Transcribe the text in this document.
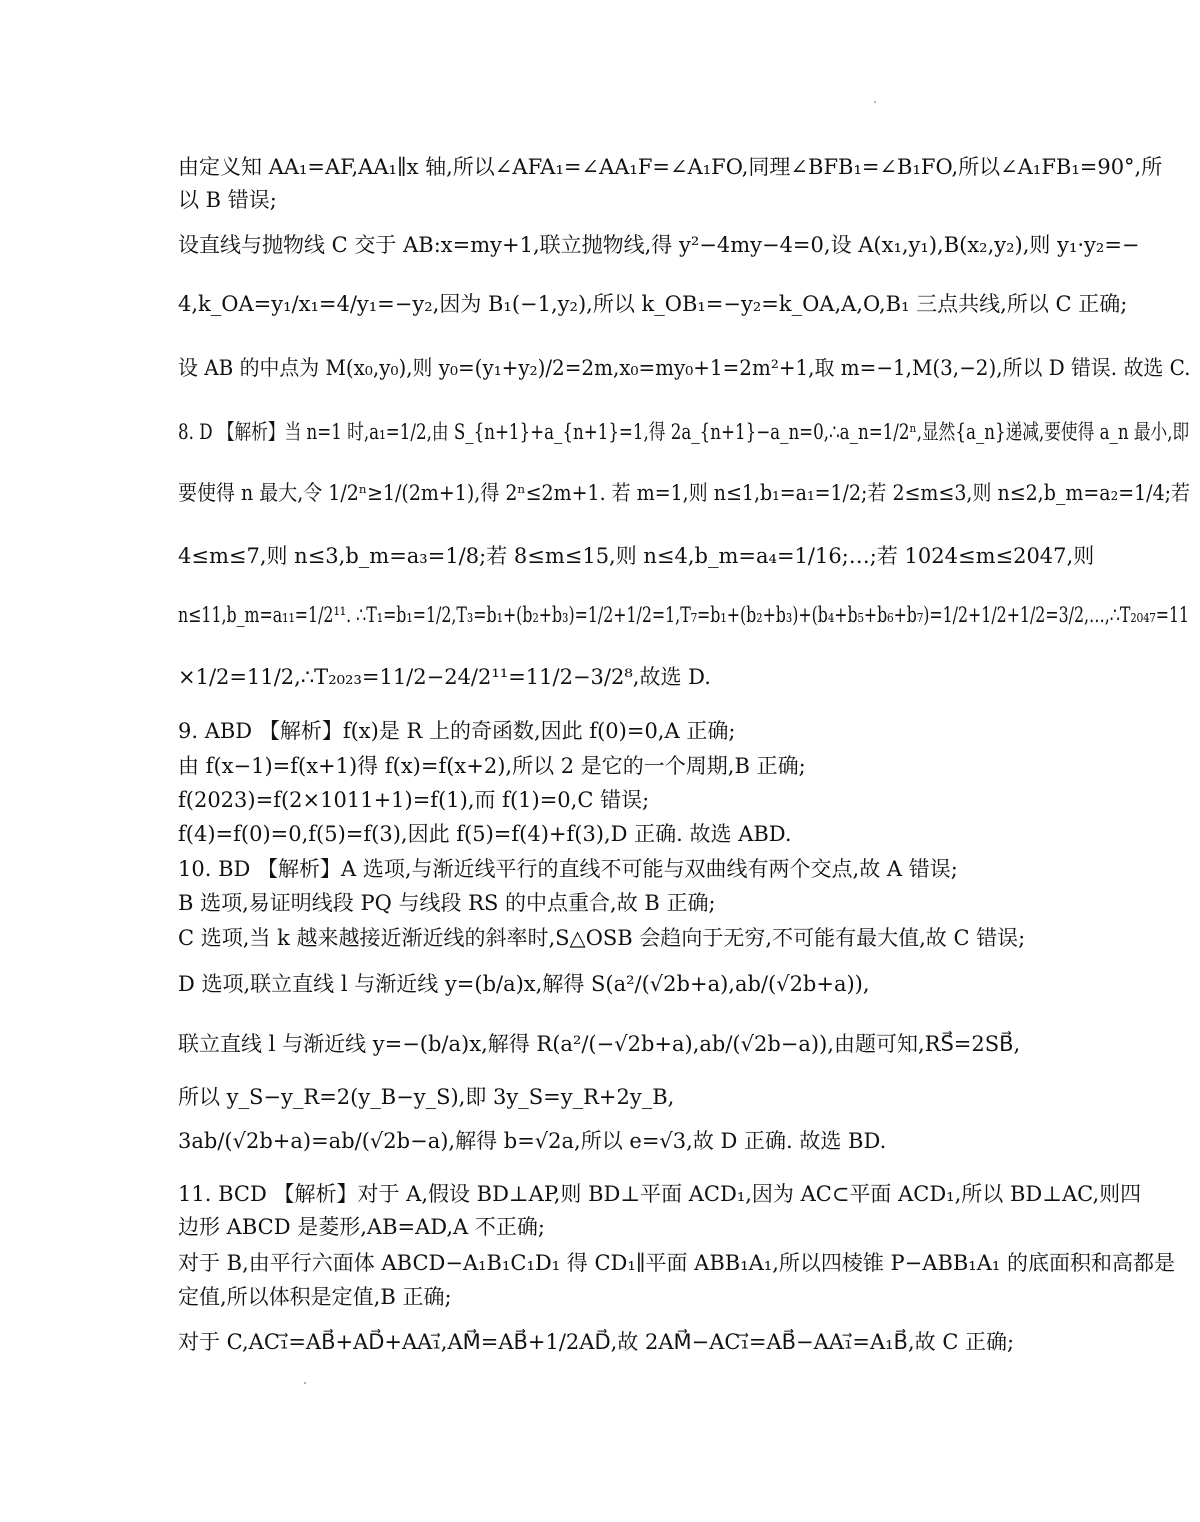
由定义知 AA₁=AF,AA₁∥x 轴,所以∠AFA₁=∠AA₁F=∠A₁FO,同理∠BFB₁=∠B₁FO,所以∠A₁FB₁=90°,所
以 B 错误;
设直线与抛物线 C 交于 AB:x=my+1,联立抛物线,得 y²−4my−4=0,设 A(x₁,y₁),B(x₂,y₂),则 y₁·y₂=−
4,k_OA=y₁/x₁=4/y₁=−y₂,因为 B₁(−1,y₂),所以 k_OB₁=−y₂=k_OA,A,O,B₁ 三点共线,所以 C 正确;
设 AB 的中点为 M(x₀,y₀),则 y₀=(y₁+y₂)/2=2m,x₀=my₀+1=2m²+1,取 m=−1,M(3,−2),所以 D 错误. 故选 C.
8. D 【解析】当 n=1 时,a₁=1/2,由 S_{n+1}+a_{n+1}=1,得 2a_{n+1}−a_n=0,∴a_n=1/2ⁿ,显然{a_n}递减,要使得 a_n 最小,即
要使得 n 最大,令 1/2ⁿ≥1/(2m+1),得 2ⁿ≤2m+1. 若 m=1,则 n≤1,b₁=a₁=1/2;若 2≤m≤3,则 n≤2,b_m=a₂=1/4;若
4≤m≤7,则 n≤3,b_m=a₃=1/8;若 8≤m≤15,则 n≤4,b_m=a₄=1/16;…;若 1024≤m≤2047,则
n≤11,b_m=a₁₁=1/2¹¹. ∴T₁=b₁=1/2,T₃=b₁+(b₂+b₃)=1/2+1/2=1,T₇=b₁+(b₂+b₃)+(b₄+b₅+b₆+b₇)=1/2+1/2+1/2=3/2,…,∴T₂₀₄₇=11
×1/2=11/2,∴T₂₀₂₃=11/2−24/2¹¹=11/2−3/2⁸,故选 D.
9. ABD 【解析】f(x)是 R 上的奇函数,因此 f(0)=0,A 正确;
由 f(x−1)=f(x+1)得 f(x)=f(x+2),所以 2 是它的一个周期,B 正确;
f(2023)=f(2×1011+1)=f(1),而 f(1)=0,C 错误;
f(4)=f(0)=0,f(5)=f(3),因此 f(5)=f(4)+f(3),D 正确. 故选 ABD.
10. BD 【解析】A 选项,与渐近线平行的直线不可能与双曲线有两个交点,故 A 错误;
B 选项,易证明线段 PQ 与线段 RS 的中点重合,故 B 正确;
C 选项,当 k 越来越接近渐近线的斜率时,S△OSB 会趋向于无穷,不可能有最大值,故 C 错误;
D 选项,联立直线 l 与渐近线 y=(b/a)x,解得 S(a²/(√2b+a),ab/(√2b+a)),
联立直线 l 与渐近线 y=−(b/a)x,解得 R(a²/(−√2b+a),ab/(√2b−a)),由题可知,RS⃗=2SB⃗,
所以 y_S−y_R=2(y_B−y_S),即 3y_S=y_R+2y_B,
3ab/(√2b+a)=ab/(√2b−a),解得 b=√2a,所以 e=√3,故 D 正确. 故选 BD.
11. BCD 【解析】对于 A,假设 BD⊥AP,则 BD⊥平面 ACD₁,因为 AC⊂平面 ACD₁,所以 BD⊥AC,则四
边形 ABCD 是菱形,AB=AD,A 不正确;
对于 B,由平行六面体 ABCD−A₁B₁C₁D₁ 得 CD₁∥平面 ABB₁A₁,所以四棱锥 P−ABB₁A₁ 的底面积和高都是
定值,所以体积是定值,B 正确;
对于 C,AC₁⃗=AB⃗+AD⃗+AA₁⃗,AM⃗=AB⃗+1/2AD⃗,故 2AM⃗−AC₁⃗=AB⃗−AA₁⃗=A₁B⃗,故 C 正确;
